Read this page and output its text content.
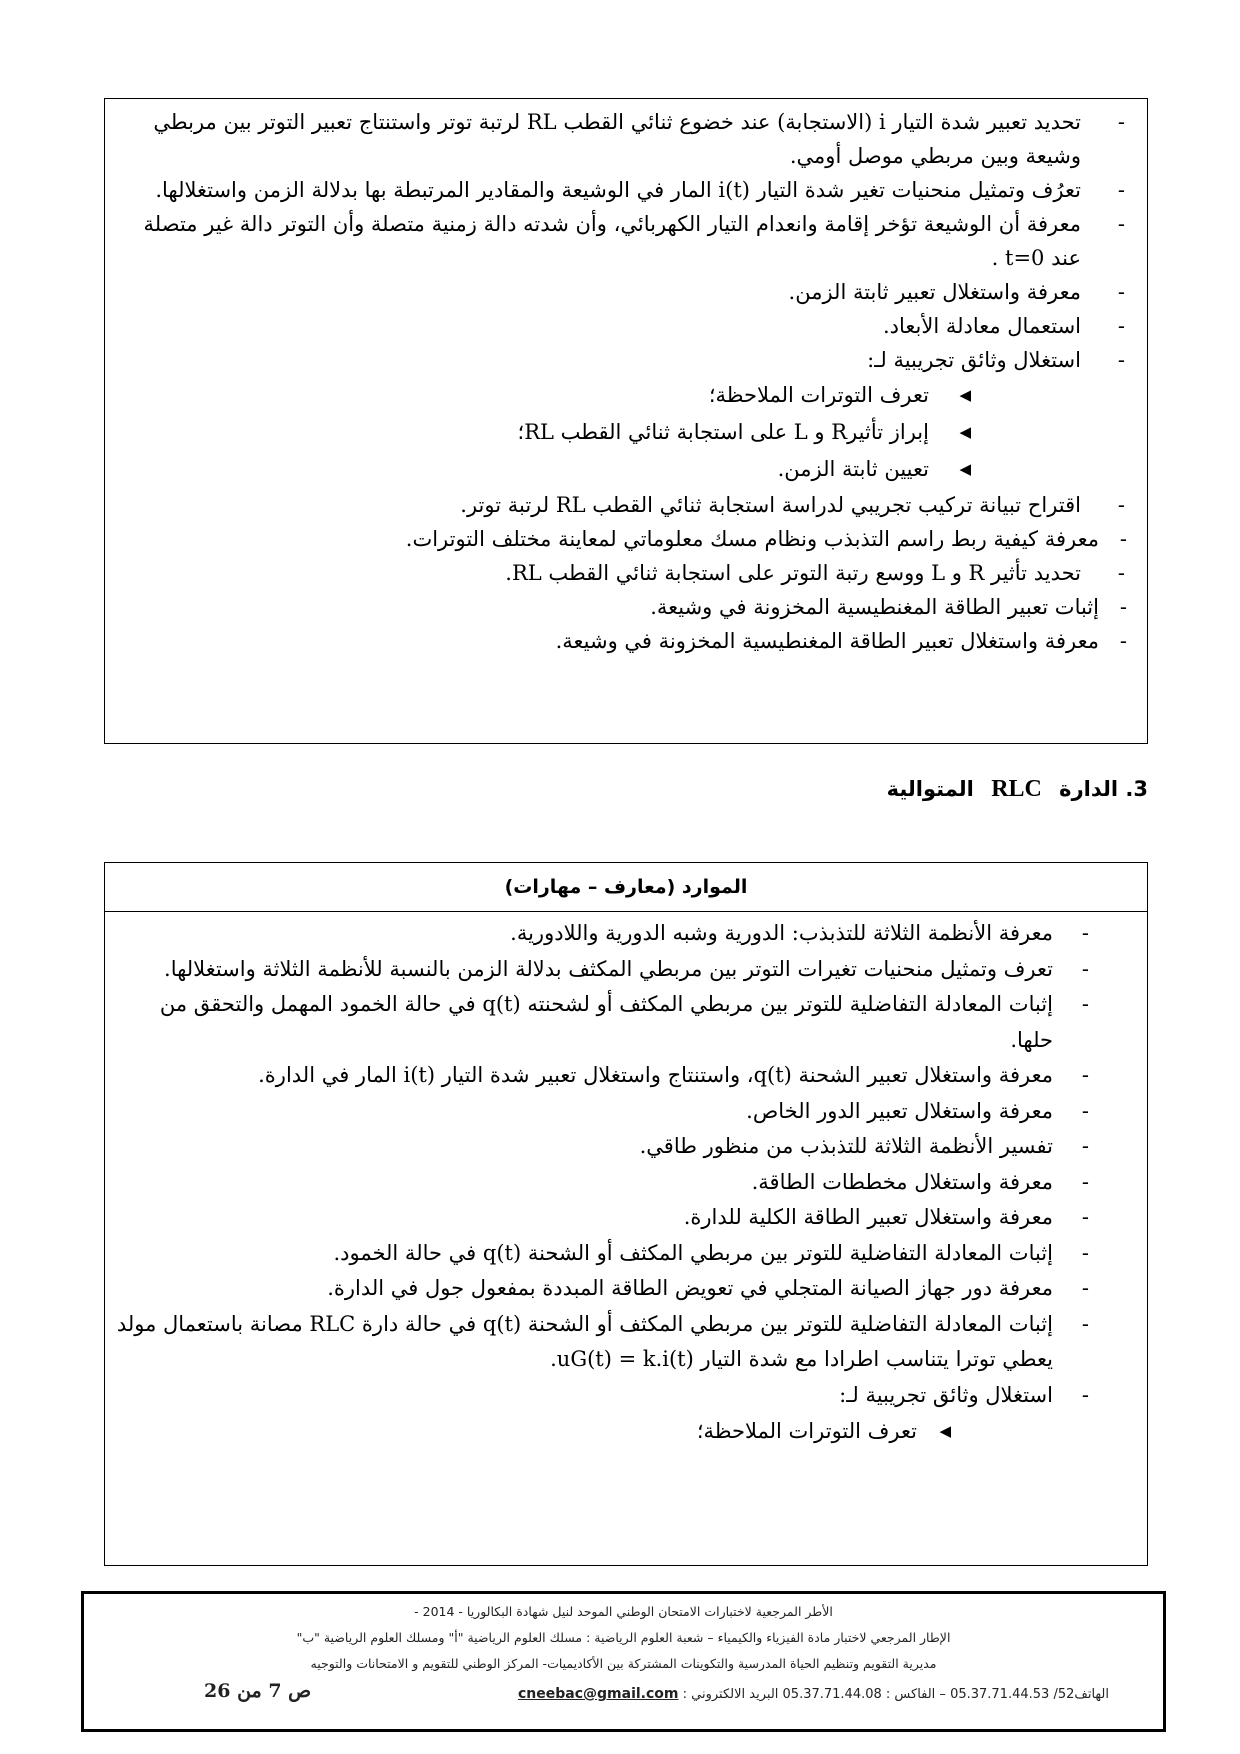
-
تحديد تعبير شدة التيار i (الاستجابة) عند خضوع ثنائي القطب RL لرتبة توتر واستنتاج تعبير التوتر بين مربطي وشيعة وبين مربطي موصل أومي.
-
تعرُف وتمثيل منحنيات تغير شدة التيار i(t) المار في الوشيعة والمقادير المرتبطة بها بدلالة الزمن واستغلالها.
-
معرفة أن الوشيعة تؤخر إقامة وانعدام التيار الكهربائي، وأن شدته دالة زمنية متصلة وأن التوتر دالة غير متصلة عند t=0 .
-
معرفة واستغلال تعبير ثابتة الزمن.
-
استعمال معادلة الأبعاد.
-
استغلال وثائق تجريبية لـ:
◀
تعرف التوترات الملاحظة؛
◀
إبراز تأثيرR و L على استجابة ثنائي القطب RL؛
◀
تعيين ثابتة الزمن.
-
اقتراح تبيانة تركيب تجريبي لدراسة استجابة ثنائي القطب RL لرتبة توتر.
-
معرفة كيفية ربط راسم التذبذب ونظام مسك معلوماتي لمعاينة مختلف التوترات.
-
تحديد تأثير R و L ووسع رتبة التوتر على استجابة ثنائي القطب RL.
-
إثبات تعبير الطاقة المغنطيسية المخزونة في وشيعة.
-
معرفة واستغلال تعبير الطاقة المغنطيسية المخزونة في وشيعة.
3. الدارة RLC المتوالية
الموارد (معارف – مهارات)
-
معرفة الأنظمة الثلاثة للتذبذب: الدورية وشبه الدورية واللادورية.
-
تعرف وتمثيل منحنيات تغيرات التوتر بين مربطي المكثف بدلالة الزمن بالنسبة للأنظمة الثلاثة واستغلالها.
-
إثبات المعادلة التفاضلية للتوتر بين مربطي المكثف أو لشحنته q(t) في حالة الخمود المهمل والتحقق من حلها.
-
معرفة واستغلال تعبير الشحنة q(t)، واستنتاج واستغلال تعبير شدة التيار i(t) المار في الدارة.
-
معرفة واستغلال تعبير الدور الخاص.
-
تفسير الأنظمة الثلاثة للتذبذب من منظور طاقي.
-
معرفة واستغلال مخططات الطاقة.
-
معرفة واستغلال تعبير الطاقة الكلية للدارة.
-
إثبات المعادلة التفاضلية للتوتر بين مربطي المكثف أو الشحنة q(t) في حالة الخمود.
-
معرفة دور جهاز الصيانة المتجلي في تعويض الطاقة المبددة بمفعول جول في الدارة.
-
إثبات المعادلة التفاضلية للتوتر بين مربطي المكثف أو الشحنة q(t) في حالة دارة RLC مصانة باستعمال مولد يعطي توترا يتناسب اطرادا مع شدة التيار uG(t) = k.i(t).
-
استغلال وثائق تجريبية لـ:
◀
تعرف التوترات الملاحظة؛
الأطر المرجعية لاختبارات الامتحان الوطني الموحد لنيل شهادة البكالوريا - 2014 -
الإطار المرجعي لاختبار مادة الفيزياء والكيمياء – شعبة العلوم الرياضية : مسلك العلوم الرياضية "أ" ومسلك العلوم الرياضية "ب"
مديرية التقويم وتنظيم الحياة المدرسية والتكوينات المشتركة بين الأكاديميات- المركز الوطني للتقويم و الامتحانات والتوجيه
الهاتف52/ 05.37.71.44.53 – الفاكس : 05.37.71.44.08 البريد الالكتروني : cneebac@gmail.com
ص 7 من 26
